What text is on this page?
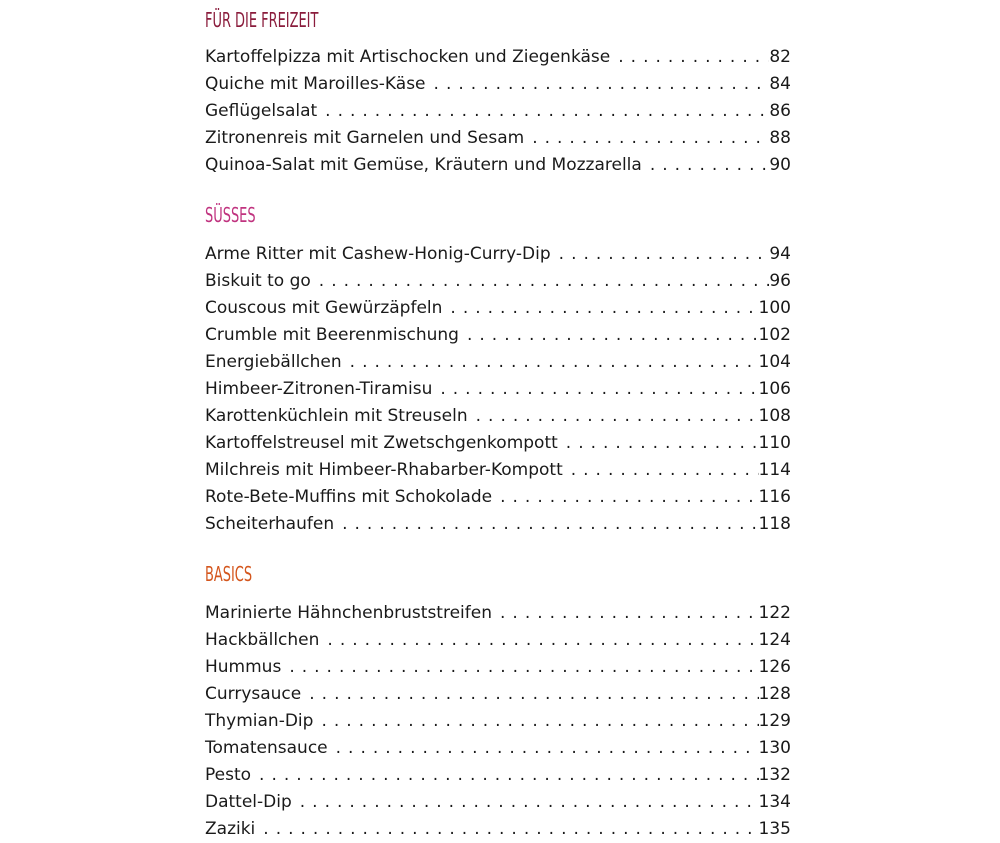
FÜR DIE FREIZEIT
Kartoffelpizza mit Artischocken und Ziegenkäse . . .	82
Quiche mit Maroilles-Käse . . .	84
Geflügelsalat . . .	86
Zitronenreis mit Garnelen und Sesam . . .	88
Quinoa-Salat mit Gemüse, Kräutern und Mozzarella . . .	90
SÜSSES
Arme Ritter mit Cashew-Honig-Curry-Dip . . .	94
Biskuit to go . . .	96
Couscous mit Gewürzäpfeln . . .	100
Crumble mit Beerenmischung . . .	102
Energiebällchen . . .	104
Himbeer-Zitronen-Tiramisu . . .	106
Karottenküchlein mit Streuseln . . .	108
Kartoffelstreusel mit Zwetschgenkompott . . .	110
Milchreis mit Himbeer-Rhabarber-Kompott . . .	114
Rote-Bete-Muffins mit Schokolade . . .	116
Scheiterhaufen . . .	118
BASICS
Marinierte Hähnchenbruststreifen . . .	122
Hackbällchen . . .	124
Hummus . . .	126
Currysauce . . .	128
Thymian-Dip . . .	129
Tomatensauce . . .	130
Pesto . . .	132
Dattel-Dip . . .	134
Zaziki . . .	135
